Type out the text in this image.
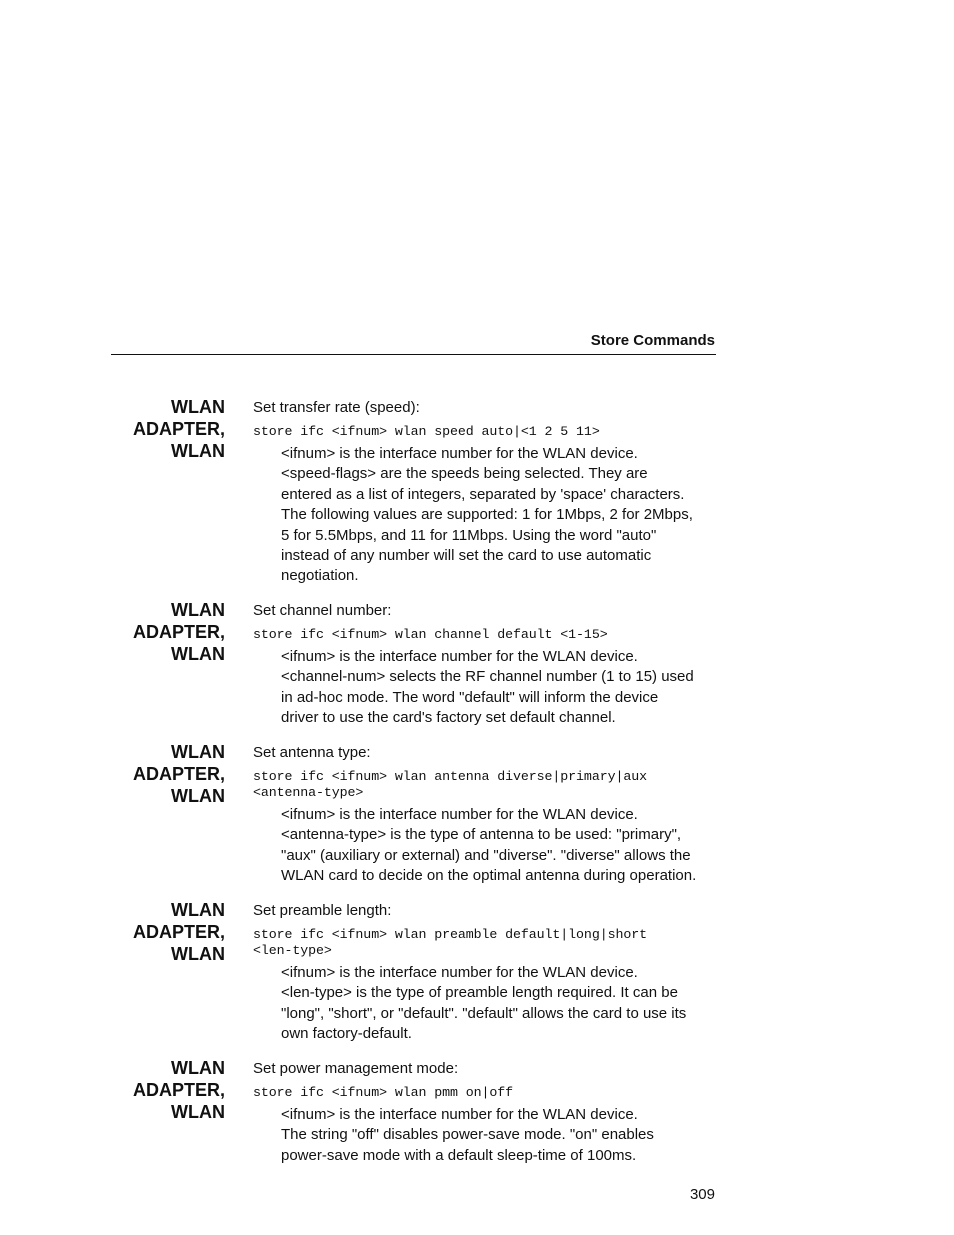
Store Commands
WLAN
ADAPTER,
WLAN
Set transfer rate (speed):
store ifc <ifnum> wlan speed auto|<1 2 5 11>
<ifnum> is the interface number for the WLAN device.
<speed-flags> are the speeds being selected. They are
entered as a list of integers, separated by 'space' characters.
The following values are supported: 1 for 1Mbps, 2 for 2Mbps,
5 for 5.5Mbps, and 11 for 11Mbps. Using the word "auto"
instead of any number will set the card to use automatic
negotiation.
WLAN
ADAPTER,
WLAN
Set channel number:
store ifc <ifnum> wlan channel default <1-15>
<ifnum> is the interface number for the WLAN device.
<channel-num> selects the RF channel number (1 to 15) used
in ad-hoc mode. The word "default" will inform the device
driver to use the card's factory set default channel.
WLAN
ADAPTER,
WLAN
Set antenna type:
store ifc <ifnum> wlan antenna diverse|primary|aux
<antenna-type>
<ifnum> is the interface number for the WLAN device.
<antenna-type> is the type of antenna to be used: "primary",
"aux" (auxiliary or external) and "diverse". "diverse" allows the
WLAN card to decide on the optimal antenna during operation.
WLAN
ADAPTER,
WLAN
Set preamble length:
store ifc <ifnum> wlan preamble default|long|short
<len-type>
<ifnum> is the interface number for the WLAN device.
<len-type> is the type of preamble length required. It can be
"long", "short", or "default". "default" allows the card to use its
own factory-default.
WLAN
ADAPTER,
WLAN
Set power management mode:
store ifc <ifnum> wlan pmm on|off
<ifnum> is the interface number for the WLAN device.
The string "off" disables power-save mode. "on" enables
power-save mode with a default sleep-time of 100ms.
309
